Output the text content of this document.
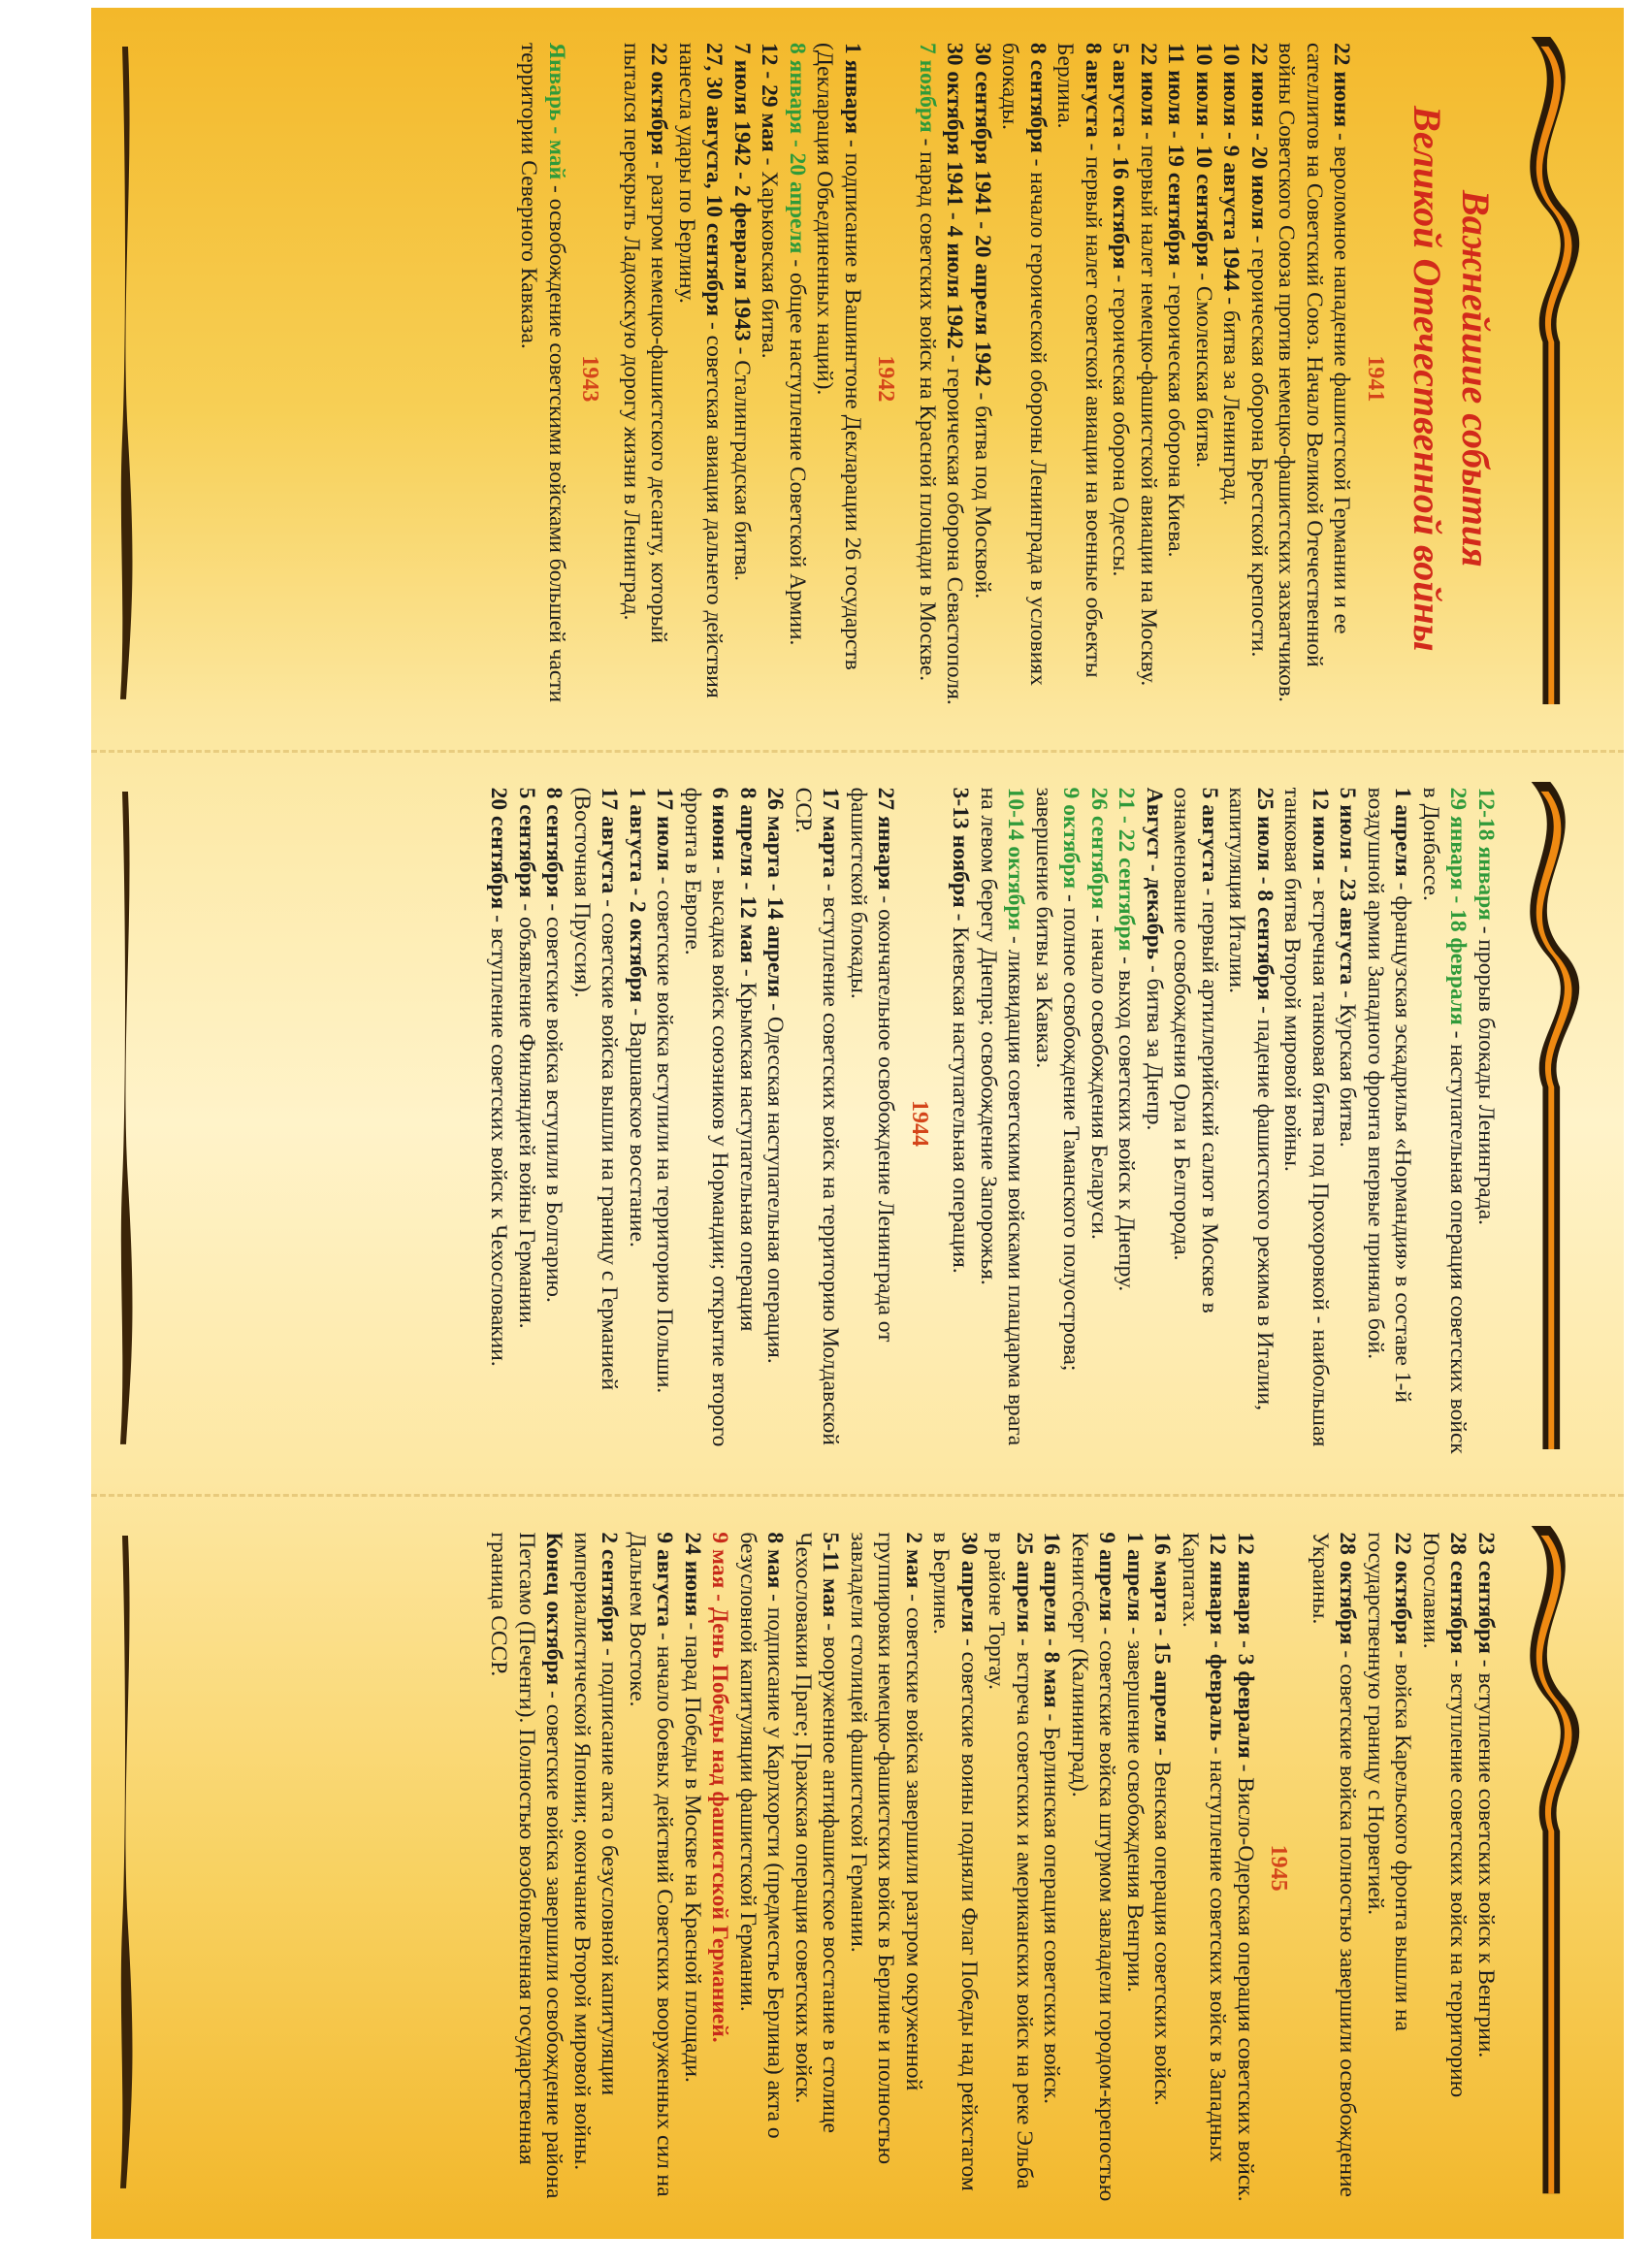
Важнейшие события
Великой Отечественной войны
1941

22 июня - вероломное нападение фашистской Германии и ее сателлитов на Советский Союз. Начало Великой Отечественной войны Советского Союза против немецко-фашистских захватчиков.

22 июня - 20 июля - героическая оборона Брестской крепости.

10 июля - 9 августа 1944 - битва за Ленинград.

10 июля - 10 сентября - Смоленская битва.

11 июля - 19 сентября - героическая оборона Киева.

22 июля - первый налет немецко-фашистской авиации на Москву.

5 августа - 16 октября - героическая оборона Одессы.

8 августа - первый налет советской авиации на военные объекты Берлина.

8 сентября - начало героической обороны Ленинграда в условиях блокады.

30 сентября 1941 - 20 апреля 1942 - битва под Москвой.

30 октября 1941 - 4 июля 1942 - героическая оборона Севастополя.

7 ноября - парад советских войск на Красной площади в Москве.

1942

1 января - подписание в Вашингтоне Декларации 26 государств (Декларация Объединенных наций).

8 января - 20 апреля - общее наступление Советской Армии.

12 - 29 мая - Харьковская битва.

7 июля 1942 - 2 февраля 1943 - Сталинградская битва.

27, 30 августа, 10 сентября - советская авиация дальнего действия нанесла удары по Берлину.

22 октября - разгром немецко-фашистского десанту, который пытался перекрыть Ладожскую дорогу жизни в Ленинград.

1943

Январь - май - освобождение советскими войсками большей части территории Северного Кавказа.

12-18 января - прорыв блокады Ленинграда.

29 января - 18 февраля - наступательная операция советских войск в Донбассе.

1 апреля - французская эскадрилья «Нормандия» в составе 1-й воздушной армии Западного фронта впервые приняла бой.

5 июля - 23 августа - Курская битва.

12 июля - встречная танковая битва под Прохоровкой - наибольшая танковая битва Второй мировой войны.

25 июля - 8 сентября - падение фашистского режима в Италии, капитуляция Италии.

5 августа - первый артиллерийский салют в Москве в ознаменование освобождения Орла и Белгорода.

Август - декабрь - битва за Днепр.

21 - 22 сентября - выход советских войск к Днепру.

26 сентября - начало освобождения Беларуси.

9 октября - полное освобождение Таманского полуострова; завершение битвы за Кавказ.

10-14 октября - ликвидация советскими войсками плацдарма врага на левом берегу Днепра; освобождение Запорожья.

3-13 ноября - Киевская наступательная операция.

1944

27 января - окончательное освобождение Ленинграда от фашистской блокады.

17 марта - вступление советских войск на территорию Молдавской ССР.

26 марта - 14 апреля - Одесская наступательная операция.

8 апреля - 12 мая - Крымская наступательная операция

6 июня - высадка войск союзников у Нормандии; открытие второго фронта в Европе.

17 июля - советские войска вступили на территорию Польши.

1 августа - 2 октября - Варшавское восстание.

17 августа - советские войска вышли на границу с Германией (Восточная Пруссия).

8 сентября - советские войска вступили в Болгарию.

5 сентября - объявление Финляндией войны Германии.

20 сентября - вступление советских войск к Чехословакии.

23 сентября - вступление советских войск к Венгрии.

28 сентября - вступление советских войск на территорию Югославии.

22 октября - войска Карельского фронта вышли на государственную границу с Норвегией.

28 октября - советские войска полностью завершили освобождение Украины.

1945

12 января - 3 февраля - Висло-Одерская операция советских войск.

12 января - февраль - наступление советских войск в Западных Карпатах.

16 марта - 15 апреля - Венская операция советских войск.

1 апреля - завершение освобождения Венгрии.

9 апреля - советские войска штурмом завладели городом-крепостью Кенигсберг (Калининград).

16 апреля - 8 мая - Берлинская операция советских войск.

25 апреля - встреча советских и американских войск на реке Эльба в районе Торгау.

30 апреля - советские воины подняли Флаг Победы над рейхстагом в Берлине.

2 мая - советские войска завершили разгром окруженной группировки немецко-фашистских войск в Берлине и полностью завладели столицей фашистской Германии.

5-11 мая - вооруженное антифашистское восстание в столице Чехословакии Праге; Пражская операция советских войск.

8 мая - подписание у Карлхорсти (предместье Берлина) акта о безусловной капитуляции фашистской Германии.

9 мая - День Победы над фашистской Германией.

24 июня - парад Победы в Москве на Красной площади.

9 августа - начало боевых действий Советских вооруженных сил на Дальнем Востоке.

2 сентября - подписание акта о безусловной капитуляции империалистической Японии; окончание Второй мировой войны.

Конец октября - советские войска завершили освобождение района Петсамо (Печенги). Полностью возобновленная государственная граница СССР.
